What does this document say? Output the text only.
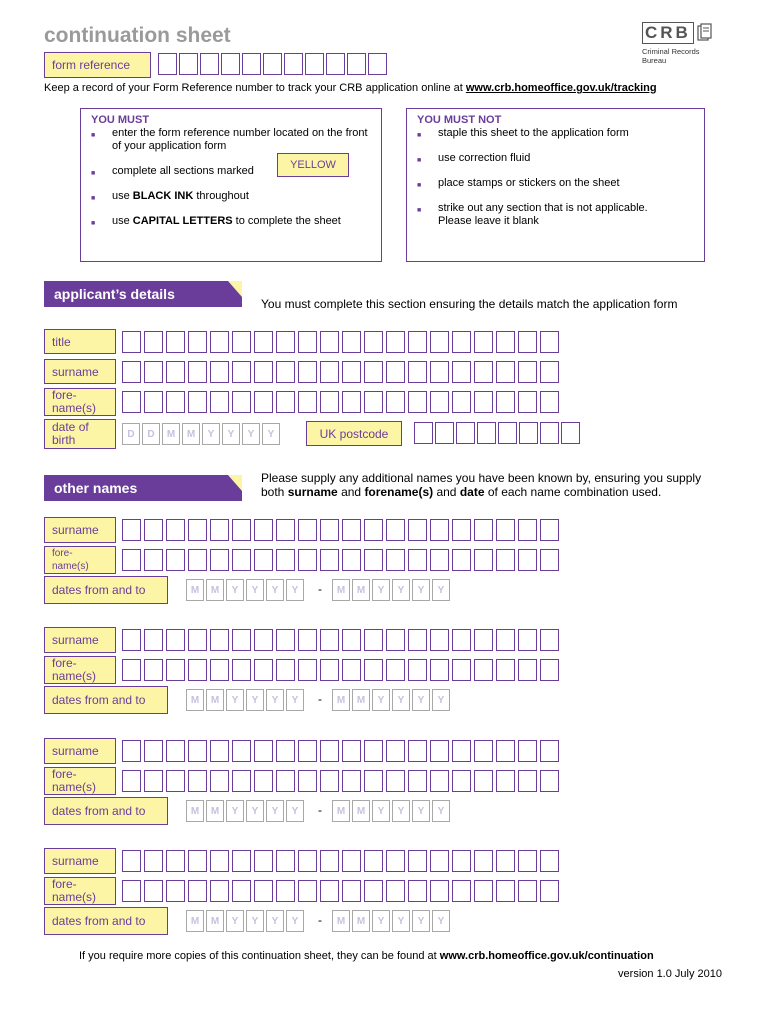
continuation sheet	CRB
Criminal Records Bureau
form reference
Keep a record of your Form Reference number to track your CRB application online at www.crb.homeoffice.gov.uk/tracking
YOU MUST
■	enter the form reference number located on the front of your application form
■	complete all sections marked	YELLOW
■	use BLACK INK throughout
■	use CAPITAL LETTERS to complete the sheet
YOU MUST NOT
■	staple this sheet to the application form
■	use correction fluid
■	place stamps or stickers on the sheet
■	strike out any section that is not applicable. Please leave it blank
applicant’s details
You must complete this section ensuring the details match the application form
title
surname
fore-
name(s)
date of
birth	D	D	M	M	Y	Y	Y	Y	UK postcode
other names
Please supply any additional names you have been known by, ensuring you supply
both surname and forename(s) and date of each name combination used.
surname
fore-
name(s)
dates from and to	M	M	Y	Y	Y	Y	-	M	M	Y	Y	Y	Y
surname
fore-
name(s)
dates from and to	M	M	Y	Y	Y	Y	-	M	M	Y	Y	Y	Y
surname
fore-
name(s)
dates from and to	M	M	Y	Y	Y	Y	-	M	M	Y	Y	Y	Y
surname
fore-
name(s)
dates from and to	M	M	Y	Y	Y	Y	-	M	M	Y	Y	Y	Y
If you require more copies of this continuation sheet, they can be found at www.crb.homeoffice.gov.uk/continuation
version 1.0 July 2010
